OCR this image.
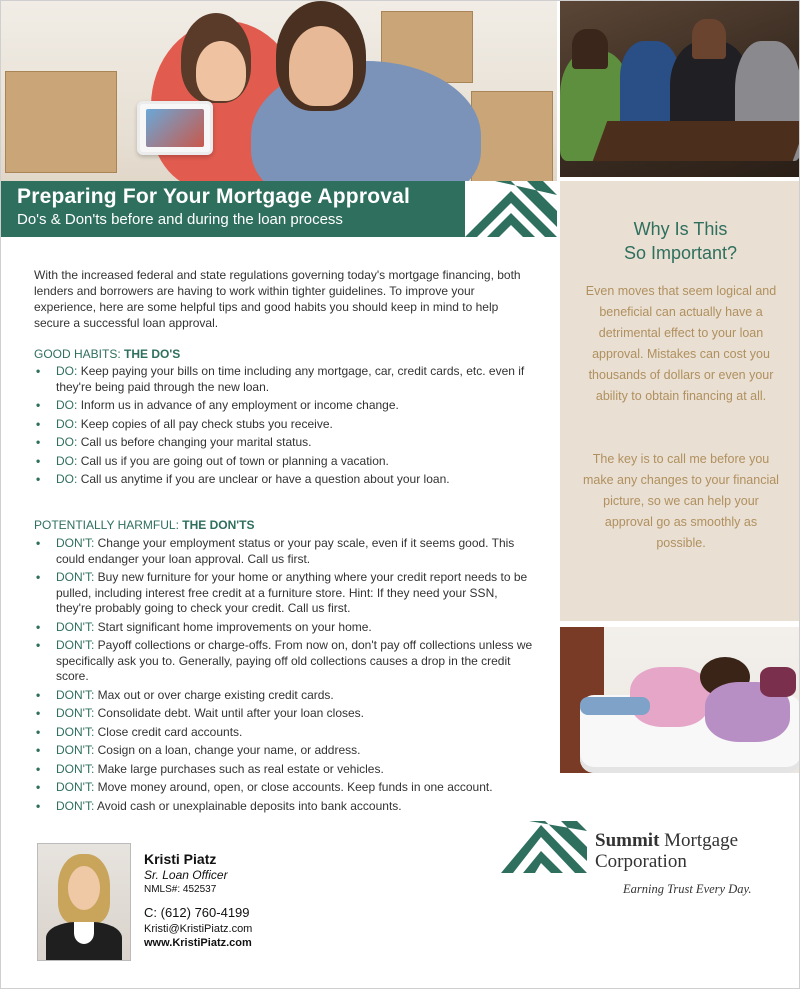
Preparing For Your Mortgage Approval
Do's & Don'ts before and during the loan process	Why Is This
So Important?
Even moves that seem logical and beneficial can actually have a detrimental effect to your loan approval. Mistakes can cost you thousands of dollars or even your ability to obtain financing at all.
The key is to call me before you make any changes to your financial picture, so we can help your approval go as smoothly as possible.
With the increased federal and state regulations governing today's mortgage financing, both lenders and borrowers are having to work within tighter guidelines. To improve your experience, here are some helpful tips and good habits you should keep in mind to help secure a successful loan approval.
GOOD HABITS: THE DO'S
• DO: Keep paying your bills on time including any mortgage, car, credit cards, etc. even if they're being paid through the new loan.
• DO: Inform us in advance of any employment or income change.
• DO: Keep copies of all pay check stubs you receive.
• DO: Call us before changing your marital status.
• DO: Call us if you are going out of town or planning a vacation.
• DO: Call us anytime if you are unclear or have a question about your loan.
POTENTIALLY HARMFUL: THE DON'TS
• DON'T: Change your employment status or your pay scale, even if it seems good. This could endanger your loan approval. Call us first.
• DON'T: Buy new furniture for your home or anything where your credit report needs to be pulled, including interest free credit at a furniture store. Hint: If they need your SSN, they're probably going to check your credit. Call us first.
• DON'T: Start significant home improvements on your home.
• DON'T: Payoff collections or charge-offs. From now on, don't pay off collections unless we specifically ask you to. Generally, paying off old collections causes a drop in the credit score.
• DON'T: Max out or over charge existing credit cards.
• DON'T: Consolidate debt. Wait until after your loan closes.
• DON'T: Close credit card accounts.
• DON'T: Cosign on a loan, change your name, or address.
• DON'T: Make large purchases such as real estate or vehicles.
• DON'T: Move money around, open, or close accounts. Keep funds in one account.
• DON'T: Avoid cash or unexplainable deposits into bank accounts.
Kristi Piatz
Sr. Loan Officer
NMLS#: 452537
C: (612) 760-4199
Kristi@KristiPiatz.com
www.KristiPiatz.com
Summit Mortgage
Corporation
Earning Trust Every Day.
